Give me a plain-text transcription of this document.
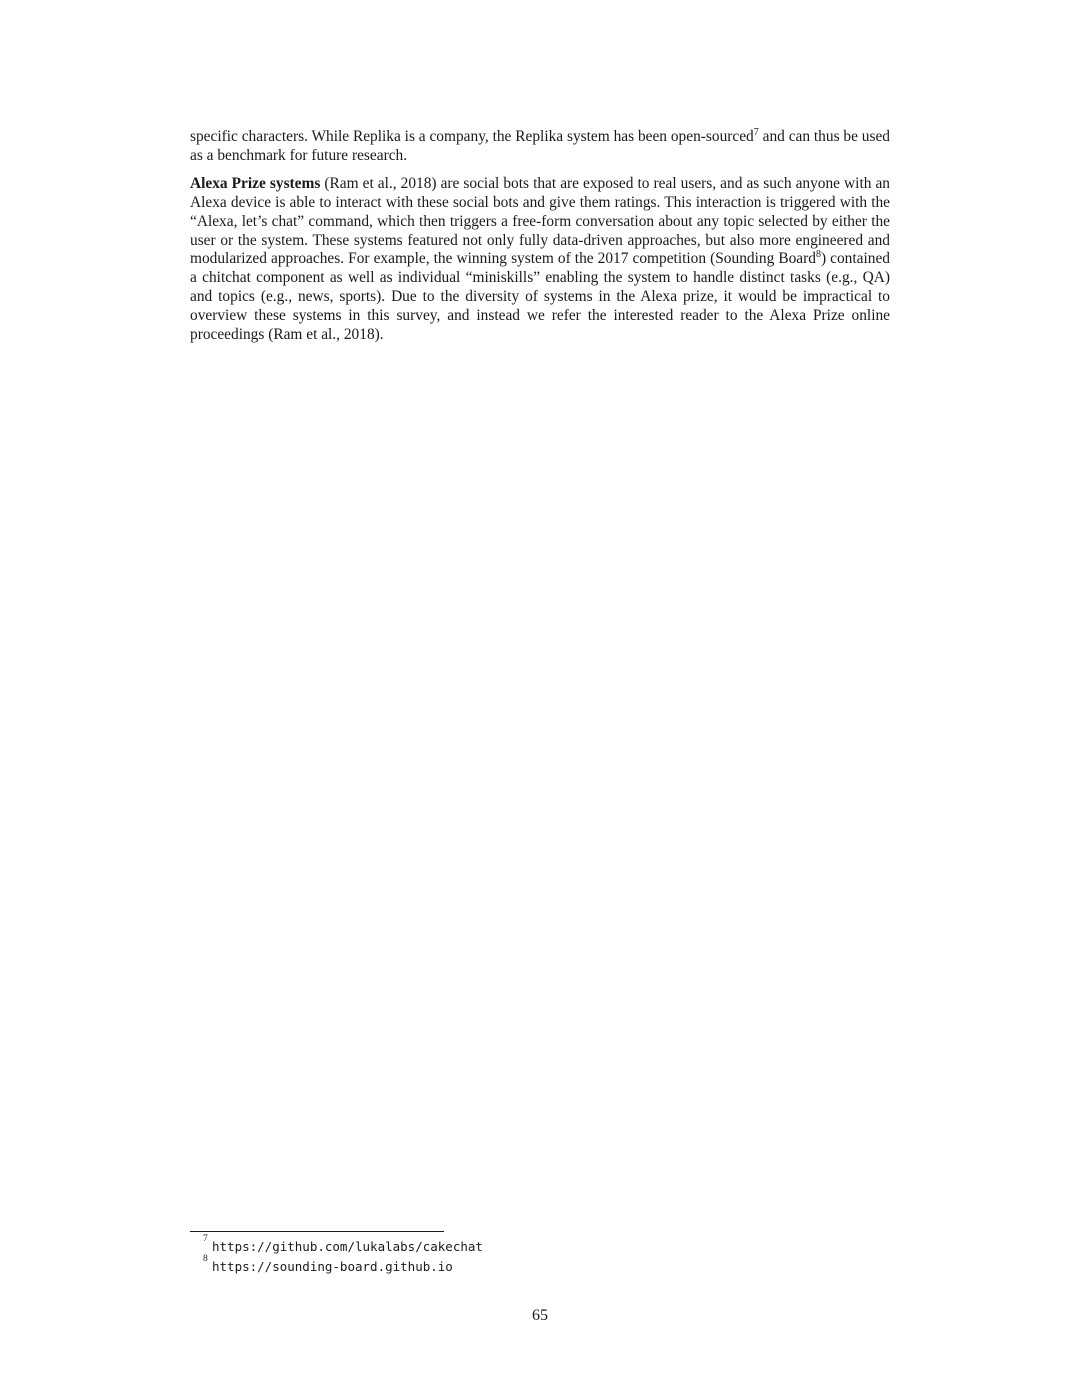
specific characters. While Replika is a company, the Replika system has been open-sourced$^7$ and can thus be used as a benchmark for future research.

Alexa Prize systems (Ram et al., 2018) are social bots that are exposed to real users, and as such anyone with an Alexa device is able to interact with these social bots and give them ratings. This interaction is triggered with the “Alexa, let’s chat” command, which then triggers a free-form conversation about any topic selected by either the user or the system. These systems featured not only fully data-driven approaches, but also more engineered and modularized approaches. For example, the winning system of the 2017 competition (Sounding Board$^8$) contained a chitchat component as well as individual “miniskills” enabling the system to handle distinct tasks (e.g., QA) and topics (e.g., news, sports). Due to the diversity of systems in the Alexa prize, it would be impractical to overview these systems in this survey, and instead we refer the interested reader to the Alexa Prize online proceedings (Ram et al., 2018).

7 https://github.com/lukalabs/cakechat
8 https://sounding-board.github.io
65
